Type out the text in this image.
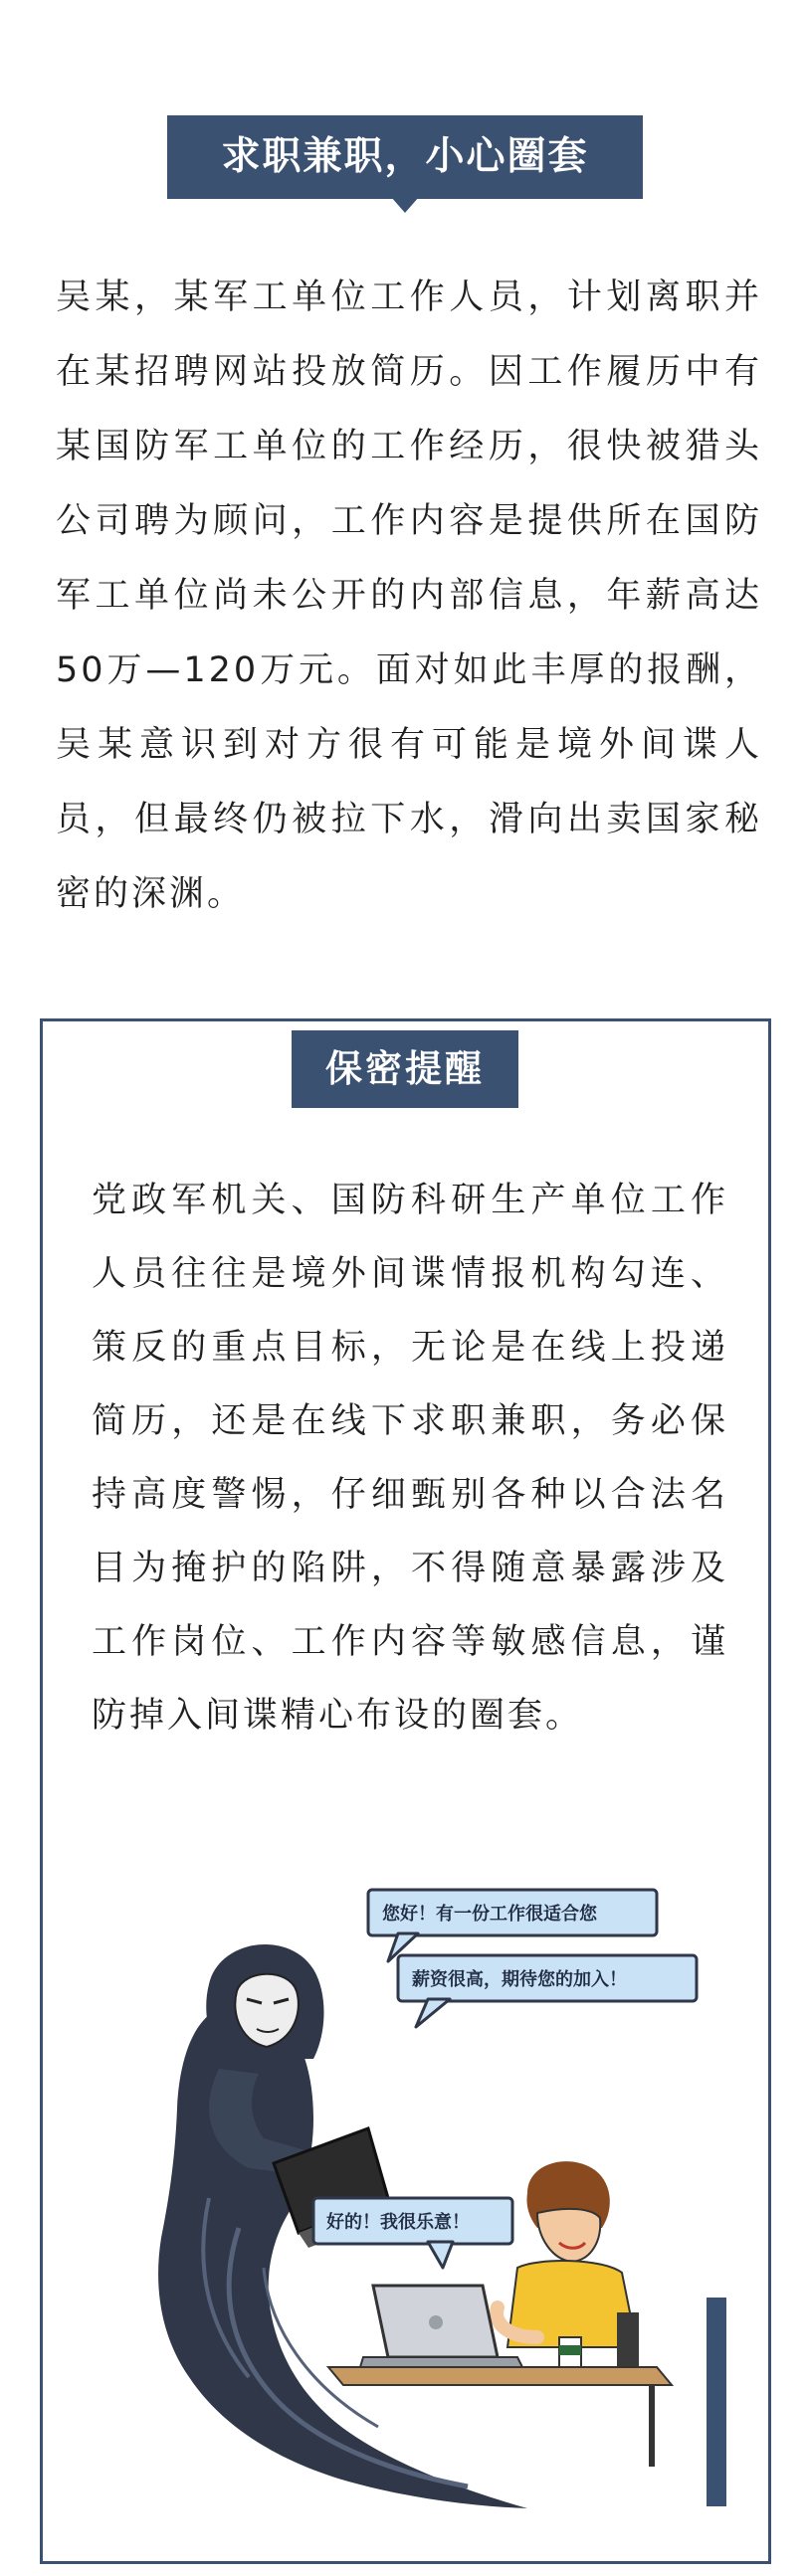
求职兼职，小心圈套

吴某，某军工单位工作人员，计划离职并在某招聘网站投放简历。因工作履历中有某国防军工单位的工作经历，很快被猎头公司聘为顾问，工作内容是提供所在国防军工单位尚未公开的内部信息，年薪高达50万—120万元。面对如此丰厚的报酬，吴某意识到对方很有可能是境外间谍人员，但最终仍被拉下水，滑向出卖国家秘密的深渊。

保密提醒

党政军机关、国防科研生产单位工作人员往往是境外间谍情报机构勾连、策反的重点目标，无论是在线上投递简历，还是在线下求职兼职，务必保持高度警惕，仔细甄别各种以合法名目为掩护的陷阱，不得随意暴露涉及工作岗位、工作内容等敏感信息，谨防掉入间谍精心布设的圈套。

您好！有一份工作很适合您
薪资很高，期待您的加入！
好的！我很乐意！
